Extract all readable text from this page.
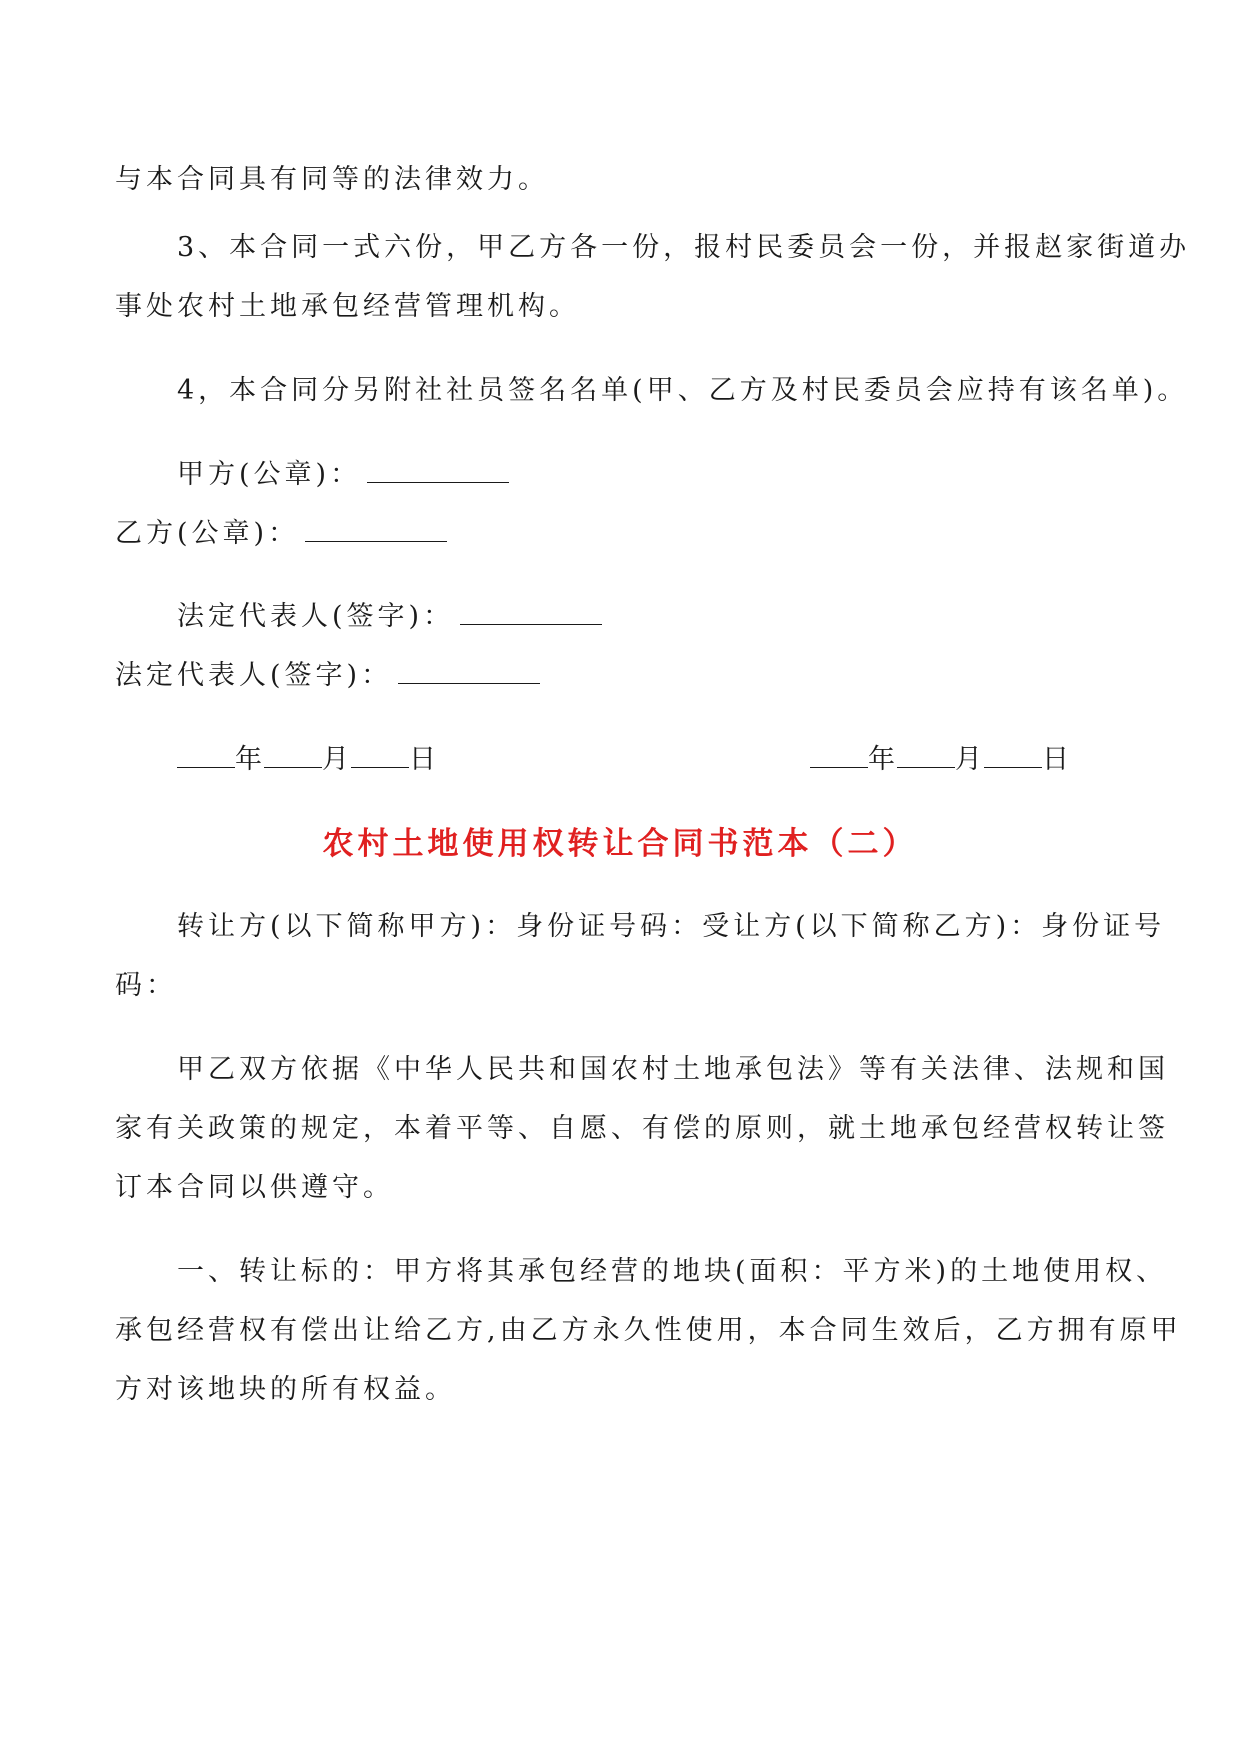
与本合同具有同等的法律效力。
3、本合同一式六份，甲乙方各一份，报村民委员会一份，并报赵家街道办
事处农村土地承包经营管理机构。
4，本合同分另附社社员签名名单(甲、乙方及村民委员会应持有该名单)。
甲方(公章)：
乙方(公章)：
法定代表人(签字)：
法定代表人(签字)：
年 月 日	年 月 日
农村土地使用权转让合同书范本（二）
转让方(以下简称甲方)：身份证号码：受让方(以下简称乙方)：身份证号
码：
甲乙双方依据《中华人民共和国农村土地承包法》等有关法律、法规和国
家有关政策的规定，本着平等、自愿、有偿的原则，就土地承包经营权转让签
订本合同以供遵守。
一、转让标的：甲方将其承包经营的地块(面积：平方米)的土地使用权、
承包经营权有偿出让给乙方,由乙方永久性使用，本合同生效后，乙方拥有原甲
方对该地块的所有权益。
